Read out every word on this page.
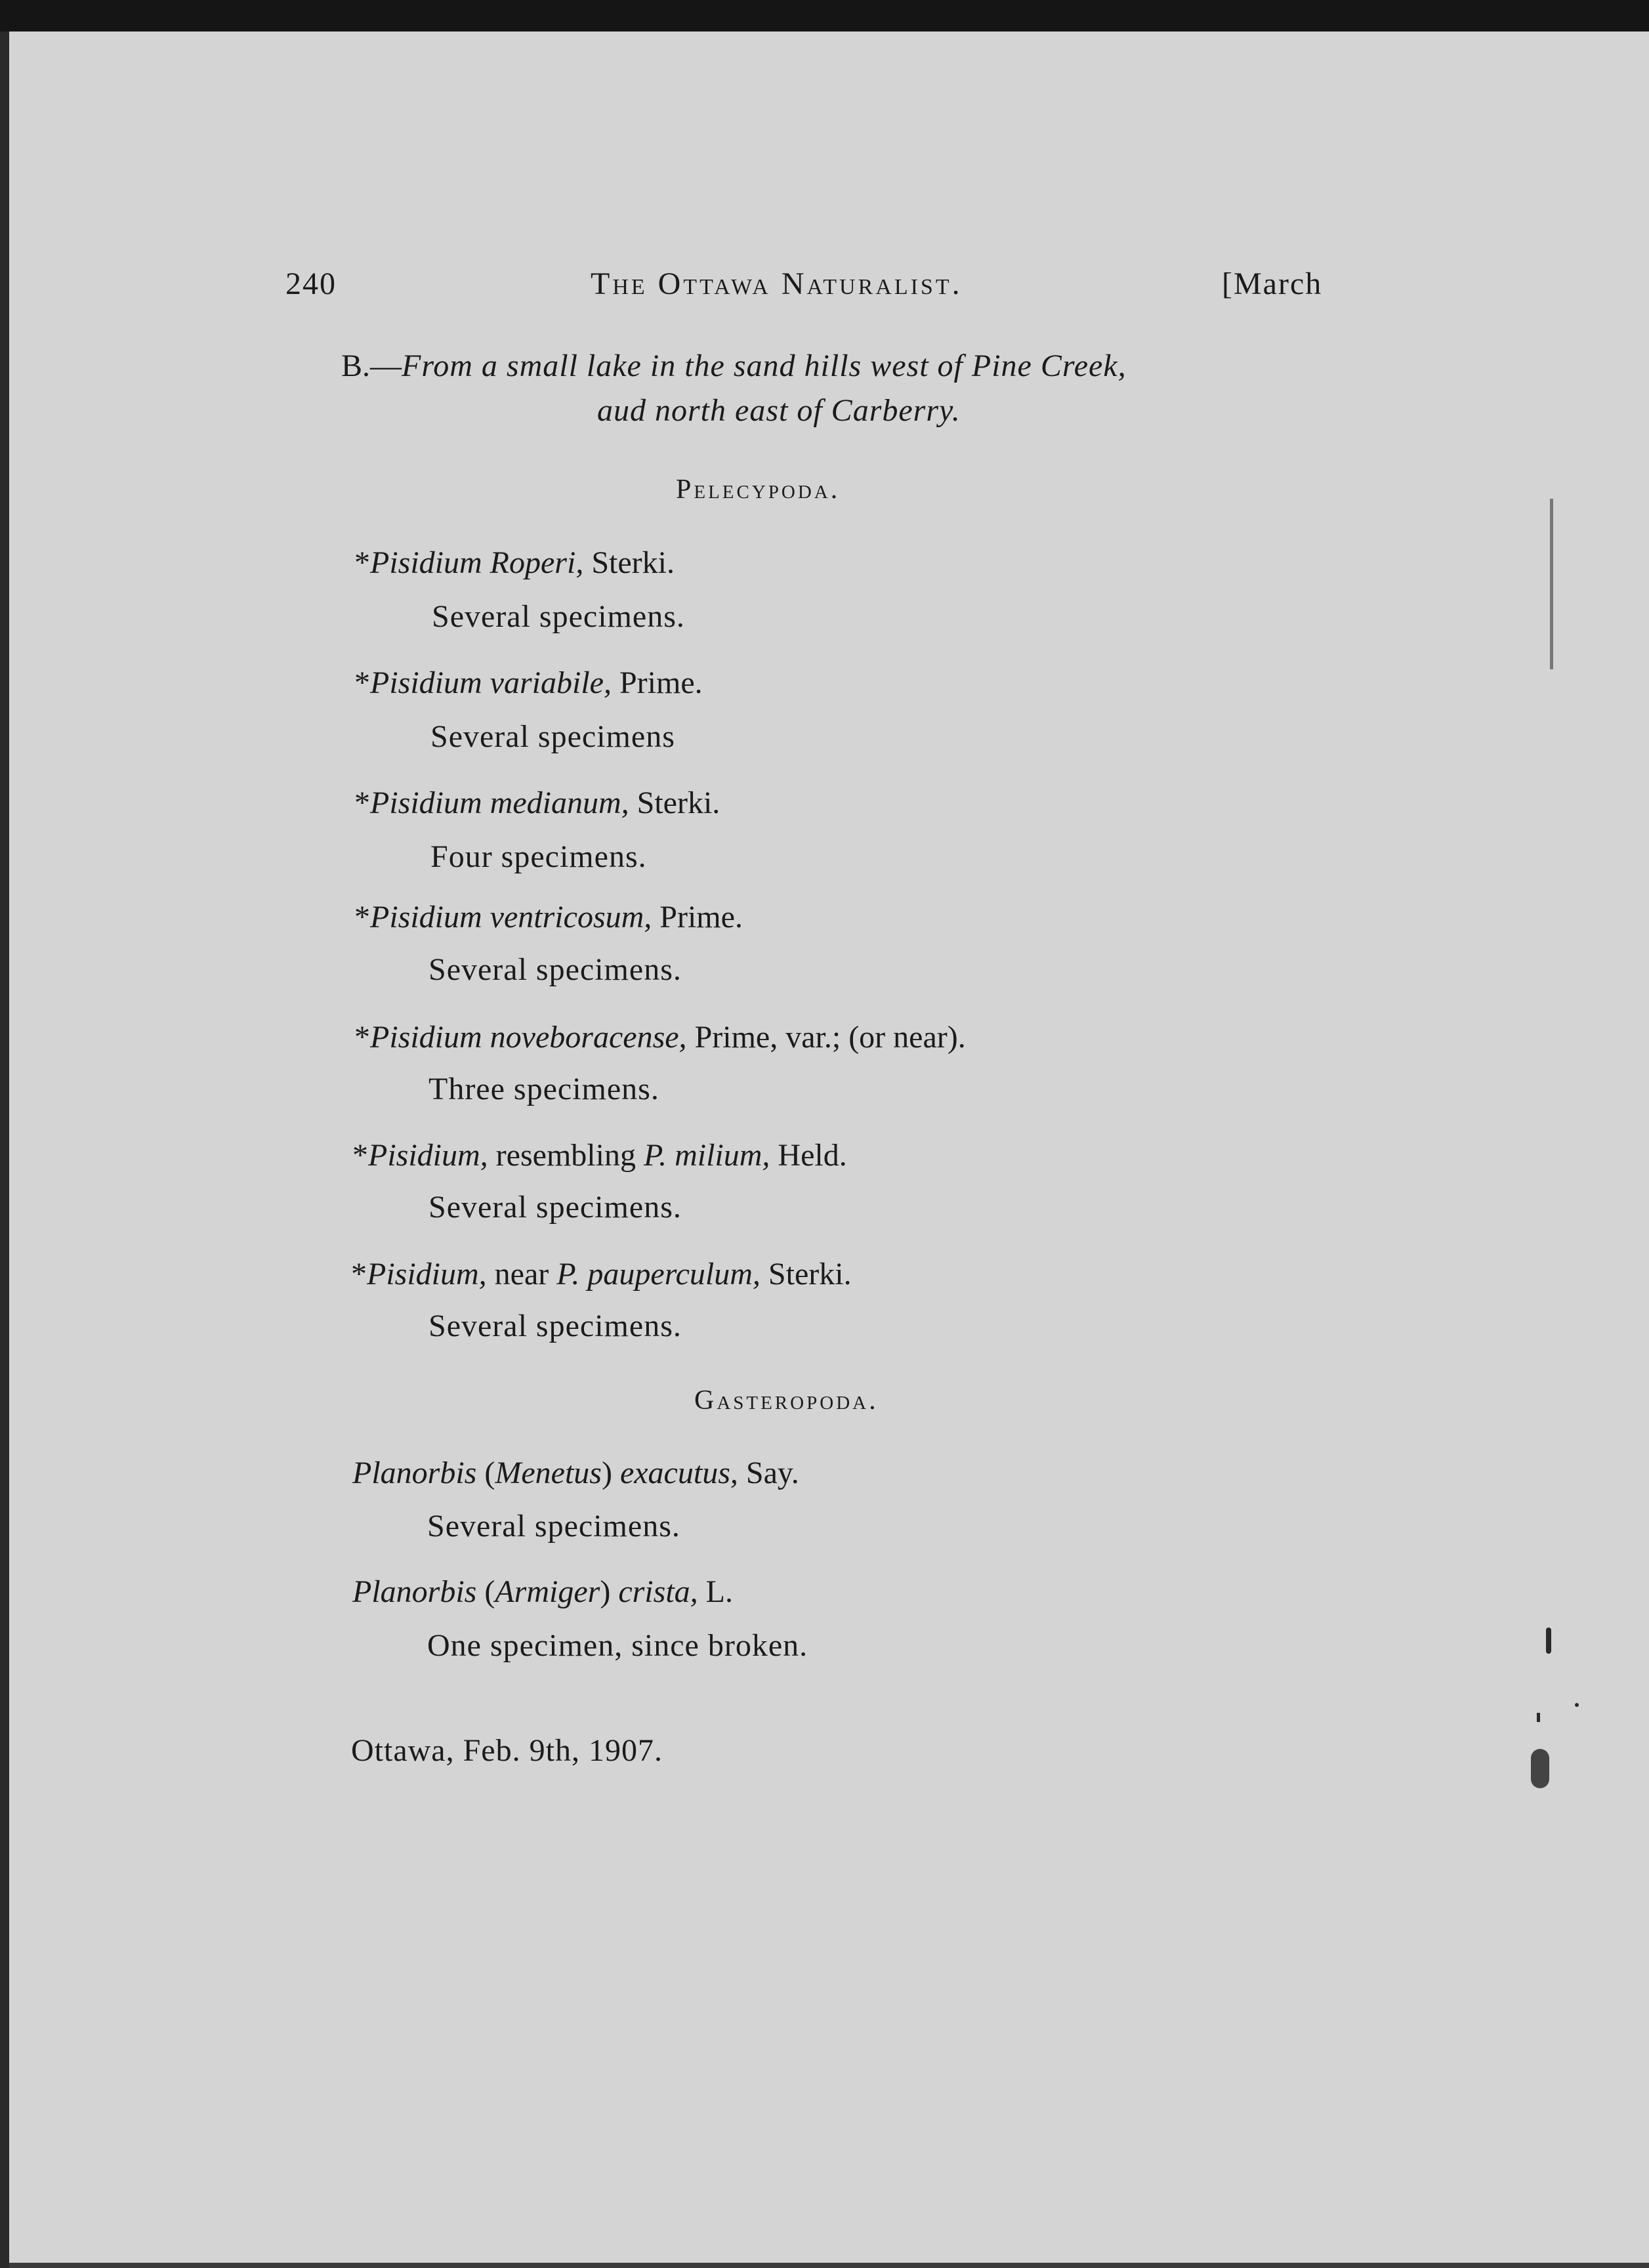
240	The Ottawa Naturalist.	[March
B.—From a small lake in the sand hills west of Pine Creek,
aud north east of Carberry.
Pelecypoda.
*Pisidium Roperi, Sterki.
Several specimens.
*Pisidium variabile, Prime.
Several specimens
*Pisidium medianum, Sterki.
Four specimens.
*Pisidium ventricosum, Prime.
Several specimens.
*Pisidium noveboracense, Prime, var.; (or near).
Three specimens.
*Pisidium, resembling P. milium, Held.
Several specimens.
*Pisidium, near P. pauperculum, Sterki.
Several specimens.
Gasteropoda.
Planorbis (Menetus) exacutus, Say.
Several specimens.
Planorbis (Armiger) crista, L.
One specimen, since broken.
Ottawa, Feb. 9th, 1907.
